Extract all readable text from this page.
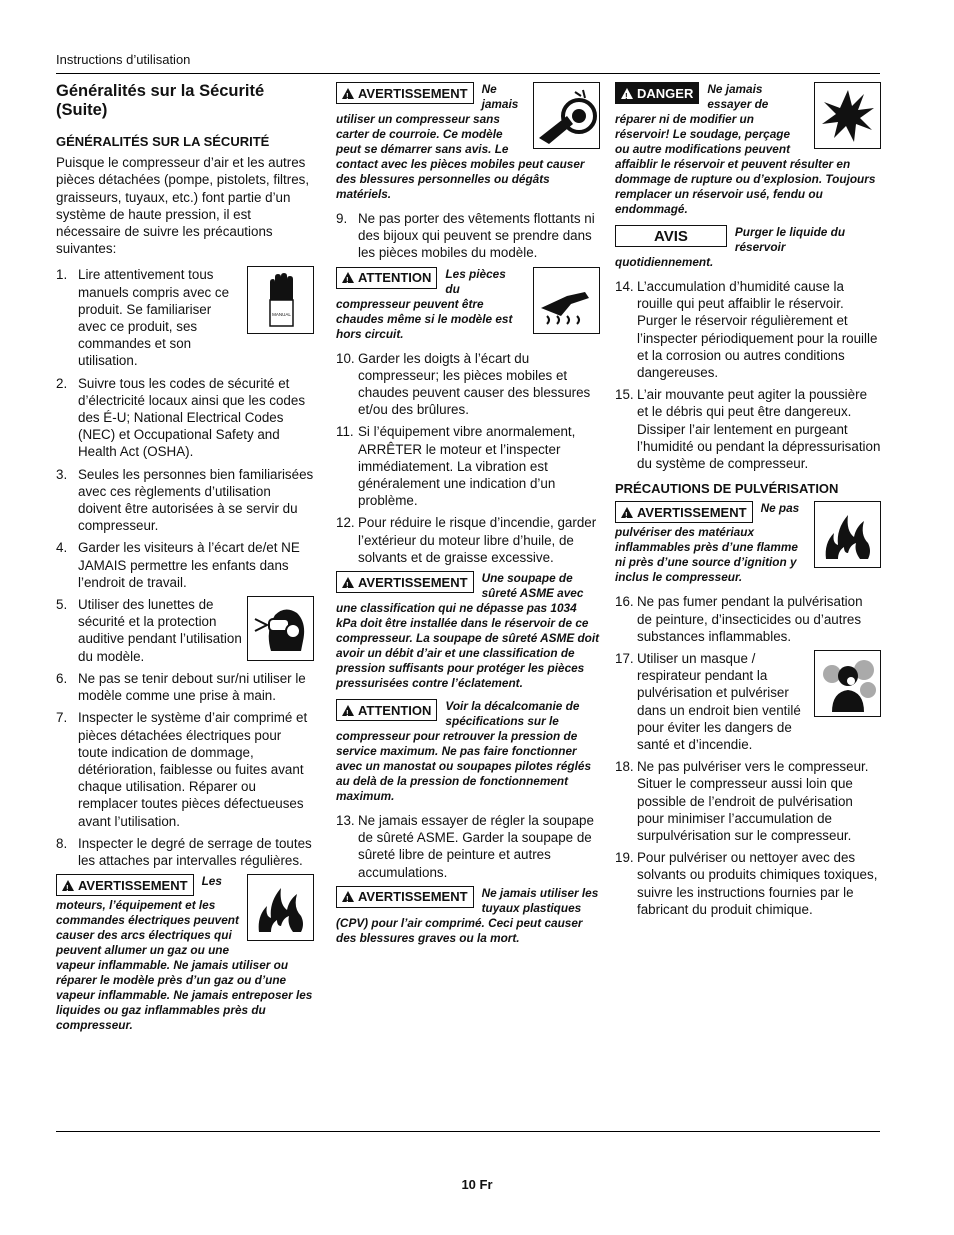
Instructions d’utilisation
Généralités sur la Sécurité (Suite)
GÉNÉRALITÉS SUR LA SÉCURITÉ

Puisque le compresseur d’air et les autres pièces détachées (pompe, pistolets, filtres, graisseurs, tuyaux, etc.) font partie d’un système de haute pression, il est nécessaire de suivre les précautions suivantes:

1.
MANUAL
Lire attentivement tous manuels compris avec ce produit. Se familiariser avec ce produit, ses commandes et son utilisation.
2. Suivre tous les codes de sécurité et d’électricité locaux ainsi que les codes des É-U; National Electrical Codes (NEC) et Occupational Safety and Health Act (OSHA).
3. Seules les personnes bien familiarisées avec ces règlements d’utilisation doivent être autorisées à se servir du compresseur.
4. Garder les visiteurs à l’écart de/et NE JAMAIS permettre les enfants dans l’endroit de travail.
5. Utiliser des lunettes de sécurité et la protection auditive pendant l’utilisation du modèle.
6. Ne pas se tenir debout sur/ni utiliser le modèle comme une prise à main.
7. Inspecter le système d’air comprimé et pièces détachées électriques pour toute indication de dommage, détérioration, faiblesse ou fuites avant chaque utilisation. Réparer ou remplacer toutes pièces défectueuses avant l’utilisation.
8. Inspecter le degré de serrage de toutes les attaches par intervalles régulières.
!
AVERTISSEMENT	Les
moteurs, l’équipement et les commandes électriques peuvent causer des arcs électriques qui peuvent allumer un gaz ou une vapeur inflammable. Ne jamais utiliser ou réparer le modèle près d’un gaz ou d’une vapeur inflammable. Ne jamais entreposer les liquides ou gaz inflammables près du compresseur.
!
AVERTISSEMENT	Ne jamais
utiliser un compresseur sans carter de courroie. Ce modèle peut se démarrer sans avis. Le contact avec les pièces mobiles peut causer des blessures personnelles ou dégâts matériels.
9. Ne pas porter des vêtements flottants ni des bijoux qui peuvent se prendre dans les pièces mobiles du modèle.
!
ATTENTION	Les pièces
du compresseur peuvent être chaudes même si le modèle est hors circuit.
10. Garder les doigts à l’écart du compresseur; les pièces mobiles et chaudes peuvent causer des blessures et/ou des brûlures.
11. Si l’équipement vibre anormalement, ARRÊTER le moteur et l’inspecter immédiatement. La vibration est généralement une indication d’un problème.
12. Pour réduire le risque d’incendie, garder l’extérieur du moteur libre d’huile, de solvants et de graisse excessive.
!
AVERTISSEMENT Une soupape de sûreté ASME avec une classification qui ne dépasse pas 1034 kPa doit être installée dans le réservoir de ce compresseur. La soupape de sûreté ASME doit avoir un débit d’air et une classification de pression suffisants pour protéger les pièces pressurisées contre l’éclatement.
!
ATTENTION Voir la décalcomanie de spécifications sur le compresseur pour retrouver la pression de service maximum. Ne pas faire fonctionner avec un manostat ou soupapes pilotes réglés au delà de la pression de fonctionnement maximum.
13. Ne jamais essayer de régler la soupape de sûreté ASME. Garder la soupape de sûreté libre de peinture et autres accumulations.
!
AVERTISSEMENT Ne jamais utiliser les tuyaux plastiques (CPV) pour l’air comprimé. Ceci peut causer des blessures graves ou la mort.
!
DANGER	Ne jamais
essayer de réparer ni de modifier un réservoir! Le soudage, perçage ou autre modifications peuvent affaiblir le réservoir et peuvent résulter en dommage de rupture ou d’explosion. Toujours remplacer un réservoir usé, fendu ou endommagé.
AVIS	Purger le liquide du réservoir quotidiennement.
14. L’accumulation d’humidité cause la rouille qui peut affaiblir le réservoir. Purger le réservoir régulièrement et l’inspecter périodiquement pour la rouille et la corrosion ou autres conditions dangereuses.
15. L’air mouvante peut agiter la poussière et le débris qui peut être dangereux. Dissiper l’air lentement en purgeant l’humidité ou pendant la dépressurisation du système de compresseur.
PRÉCAUTIONS DE PULVÉRISATION
!
AVERTISSEMENT	Ne pas
pulvériser des matériaux inflammables près d’une flamme ni près d’une source d’ignition y inclus le compresseur.
16. Ne pas fumer pendant la pulvérisation de peinture, d’insecticides ou d’autres substances inflammables.
17. Utiliser un masque / respirateur pendant la pulvérisation et pulvériser dans un endroit bien ventilé pour éviter les dangers de santé et d’incendie.
18. Ne pas pulvériser vers le compresseur. Situer le compresseur aussi loin que possible de l’endroit de pulvérisation pour minimiser l’accumulation de surpulvérisation sur le compresseur.
19. Pour pulvériser ou nettoyer avec des solvants ou produits chimiques toxiques, suivre les instructions fournies par le fabricant du produit chimique.
10 Fr
